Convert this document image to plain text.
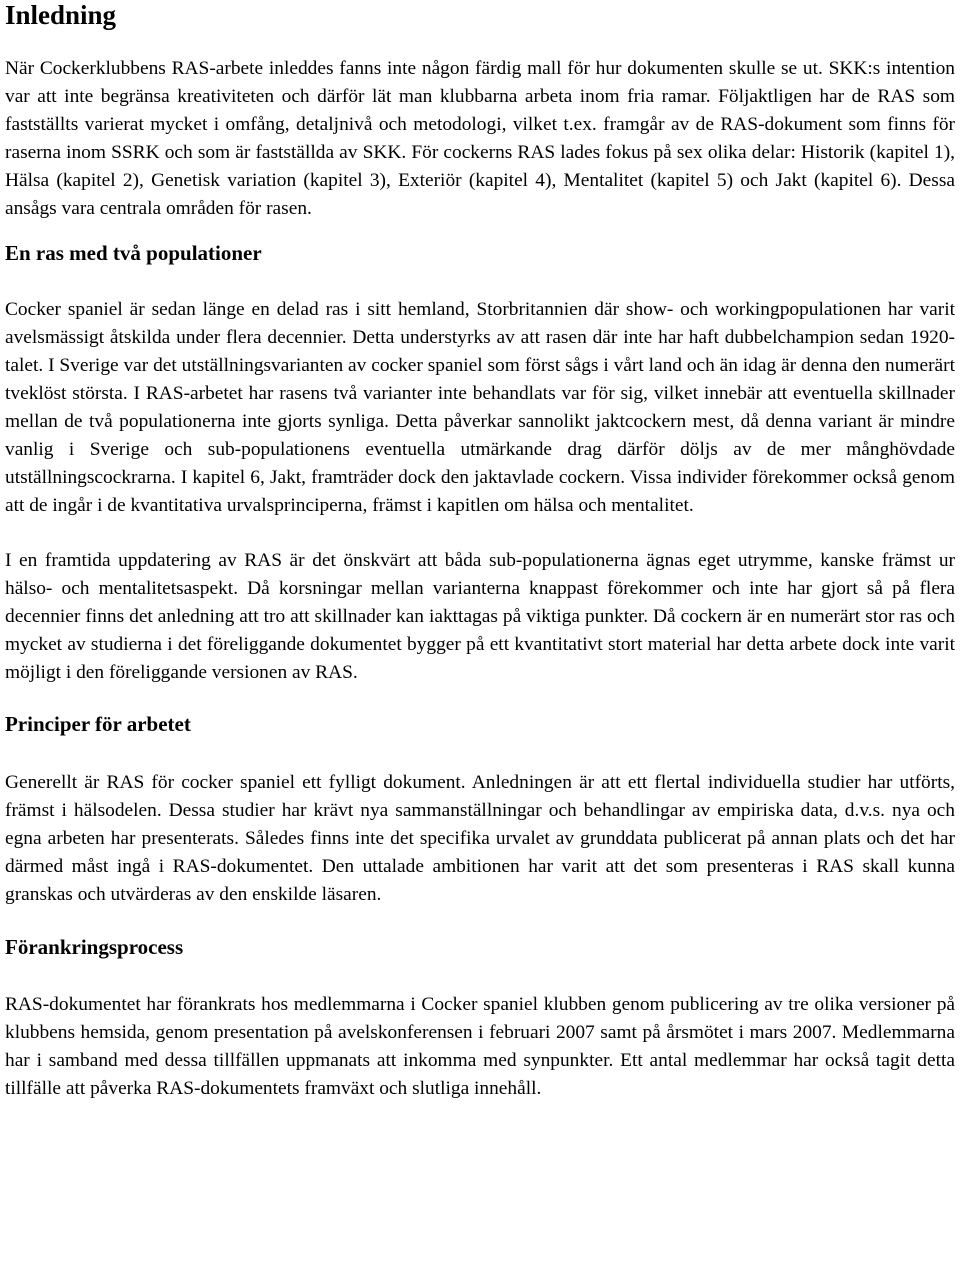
Inledning

När Cockerklubbens RAS-arbete inleddes fanns inte någon färdig mall för hur dokumenten skulle se ut. SKK:s intention var att inte begränsa kreativiteten och därför lät man klubbarna arbeta inom fria ramar. Följaktligen har de RAS som fastställts varierat mycket i omfång, detaljnivå och metodologi, vilket t.ex. framgår av de RAS-dokument som finns för raserna inom SSRK och som är fastställda av SKK. För cockerns RAS lades fokus på sex olika delar: Historik (kapitel 1), Hälsa (kapitel 2), Genetisk variation (kapitel 3), Exteriör (kapitel 4), Mentalitet (kapitel 5) och Jakt (kapitel 6). Dessa ansågs vara centrala områden för rasen.

En ras med två populationer

Cocker spaniel är sedan länge en delad ras i sitt hemland, Storbritannien där show- och workingpopulationen har varit avelsmässigt åtskilda under flera decennier. Detta understyrks av att rasen där inte har haft dubbelchampion sedan 1920-talet. I Sverige var det utställningsvarianten av cocker spaniel som först sågs i vårt land och än idag är denna den numerärt tveklöst största. I RAS-arbetet har rasens två varianter inte behandlats var för sig, vilket innebär att eventuella skillnader mellan de två populationerna inte gjorts synliga. Detta påverkar sannolikt jaktcockern mest, då denna variant är mindre vanlig i Sverige och sub-populationens eventuella utmärkande drag därför döljs av de mer månghövdade utställningscockrarna. I kapitel 6, Jakt, framträder dock den jaktavlade cockern. Vissa individer förekommer också genom att de ingår i de kvantitativa urvalsprinciperna, främst i kapitlen om hälsa och mentalitet.

I en framtida uppdatering av RAS är det önskvärt att båda sub-populationerna ägnas eget utrymme, kanske främst ur hälso- och mentalitetsaspekt. Då korsningar mellan varianterna knappast förekommer och inte har gjort så på flera decennier finns det anledning att tro att skillnader kan iakttagas på viktiga punkter. Då cockern är en numerärt stor ras och mycket av studierna i det föreliggande dokumentet bygger på ett kvantitativt stort material har detta arbete dock inte varit möjligt i den föreliggande versionen av RAS.

Principer för arbetet

Generellt är RAS för cocker spaniel ett fylligt dokument. Anledningen är att ett flertal individuella studier har utförts, främst i hälsodelen. Dessa studier har krävt nya sammanställningar och behandlingar av empiriska data, d.v.s. nya och egna arbeten har presenterats. Således finns inte det specifika urvalet av grunddata publicerat på annan plats och det har därmed måst ingå i RAS-dokumentet. Den uttalade ambitionen har varit att det som presenteras i RAS skall kunna granskas och utvärderas av den enskilde läsaren.

Förankringsprocess

RAS-dokumentet har förankrats hos medlemmarna i Cocker spaniel klubben genom publicering av tre olika versioner på klubbens hemsida, genom presentation på avelskonferensen i februari 2007 samt på årsmötet i mars 2007. Medlemmarna har i samband med dessa tillfällen uppmanats att inkomma med synpunkter. Ett antal medlemmar har också tagit detta tillfälle att påverka RAS-dokumentets framväxt och slutliga innehåll.
